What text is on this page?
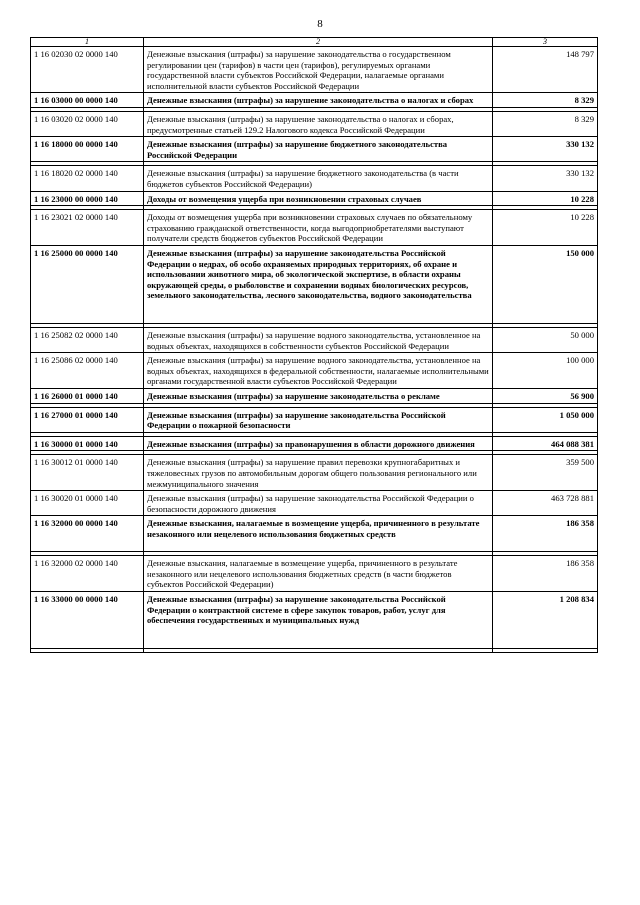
8
1	2	3
1 16 02030 02 0000 140	Денежные взыскания (штрафы) за нарушение законодательства о государственном регулировании цен (тарифов) в части цен (тарифов), регулируемых органами государственной власти субъектов Российской Федерации, налагаемые органами исполнительной власти субъектов Российской Федерации	148 797
1 16 03000 00 0000 140	Денежные взыскания (штрафы) за нарушение законодательства о налогах и сборах	8 329

1 16 03020 02 0000 140	Денежные взыскания (штрафы) за нарушение законодательства о налогах и сборах, предусмотренные статьей 129.2 Налогового кодекса Российской Федерации	8 329
1 16 18000 00 0000 140	Денежные взыскания (штрафы) за нарушение бюджетного законодательства Российской Федерации	330 132

1 16 18020 02 0000 140	Денежные взыскания (штрафы) за нарушение бюджетного законодательства (в части бюджетов субъектов Российской Федерации)	330 132
1 16 23000 00 0000 140	Доходы от возмещения ущерба при возникновении страховых случаев	10 228

1 16 23021 02 0000 140	Доходы от возмещения ущерба при возникновении страховых случаев по обязательному страхованию гражданской ответственности, когда выгодоприобретателями выступают получатели средств бюджетов субъектов Российской Федерации	10 228
1 16 25000 00 0000 140	Денежные взыскания (штрафы) за нарушение законодательства Российской Федерации о недрах, об особо охраняемых природных территориях, об охране и использовании животного мира, об экологической экспертизе, в области охраны окружающей среды, о рыболовстве и сохранении водных биологических ресурсов, земельного законодательства, лесного законодательства, водного законодательства	150 000

1 16 25082 02 0000 140	Денежные взыскания (штрафы) за нарушение водного законодательства, установленное на водных объектах, находящихся в собственности субъектов Российской Федерации	50 000
1 16 25086 02 0000 140	Денежные взыскания (штрафы) за нарушение водного законодательства, установленное на водных объектах, находящихся в федеральной собственности, налагаемые исполнительными органами государственной власти субъектов Российской Федерации	100 000
1 16 26000 01 0000 140	Денежные взыскания (штрафы) за нарушение законодательства о рекламе	56 900

1 16 27000 01 0000 140	Денежные взыскания (штрафы) за нарушение законодательства Российской Федерации о пожарной безопасности	1 050 000

1 16 30000 01 0000 140	Денежные взыскания (штрафы) за правонарушения в области дорожного движения	464 088 381

1 16 30012 01 0000 140	Денежные взыскания (штрафы) за нарушение правил перевозки крупногабаритных и тяжеловесных грузов по автомобильным дорогам общего пользования регионального или межмуниципального значения	359 500
1 16 30020 01 0000 140	Денежные взыскания (штрафы) за нарушение законодательства Российской Федерации о безопасности дорожного движения	463 728 881
1 16 32000 00 0000 140	Денежные взыскания, налагаемые в возмещение ущерба, причиненного в результате незаконного или нецелевого использования бюджетных средств	186 358

1 16 32000 02 0000 140	Денежные взыскания, налагаемые в возмещение ущерба, причиненного в результате незаконного или нецелевого использования бюджетных средств (в части бюджетов субъектов Российской Федерации)	186 358
1 16 33000 00 0000 140	Денежные взыскания (штрафы) за нарушение законодательства Российской Федерации о контрактной системе в сфере закупок товаров, работ, услуг для обеспечения государственных и муниципальных нужд	1 208 834
